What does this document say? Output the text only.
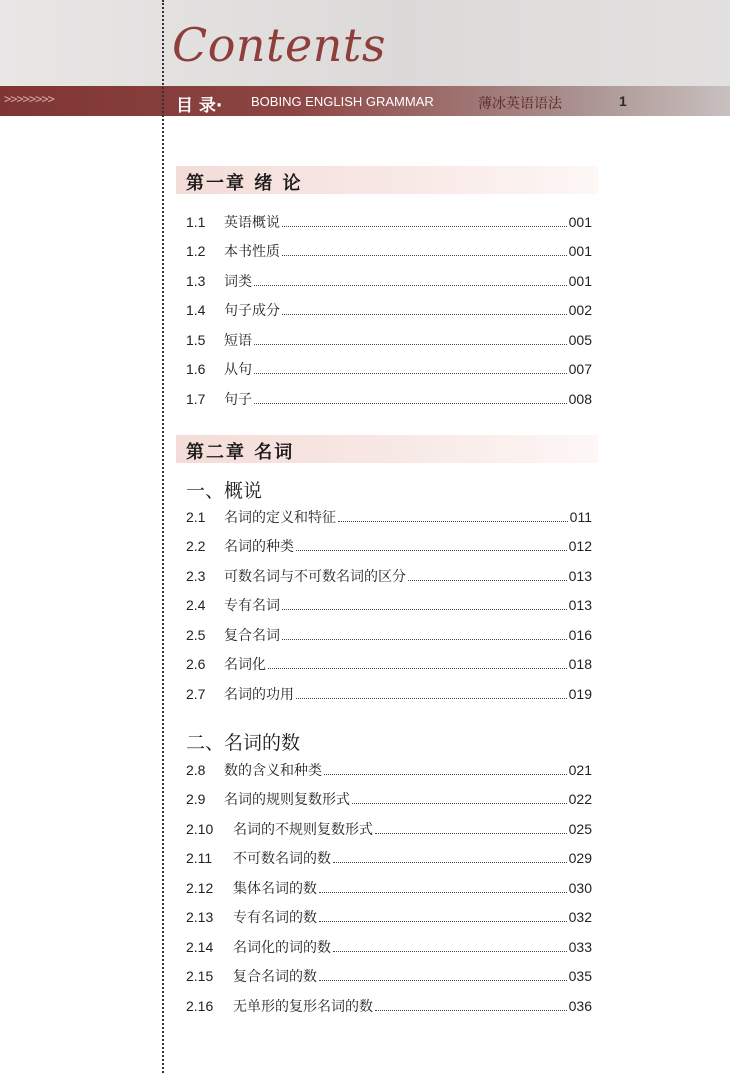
Contents
>>>>>>>>	目 录· BOBING ENGLISH GRAMMAR	薄冰英语语法	1
第一章 绪 论
1.1	英语概说	001
1.2	本书性质	001
1.3	词类	001
1.4	句子成分	002
1.5	短语	005
1.6	从句	007
1.7	句子	008
第二章 名词
一、概说
2.1	名词的定义和特征	011
2.2	名词的种类	012
2.3	可数名词与不可数名词的区分	013
2.4	专有名词	013
2.5	复合名词	016
2.6	名词化	018
2.7	名词的功用	019
二、名词的数
2.8	数的含义和种类	021
2.9	名词的规则复数形式	022
2.10	名词的不规则复数形式	025
2.11	不可数名词的数	029
2.12	集体名词的数	030
2.13	专有名词的数	032
2.14	名词化的词的数	033
2.15	复合名词的数	035
2.16	无单形的复形名词的数	036
